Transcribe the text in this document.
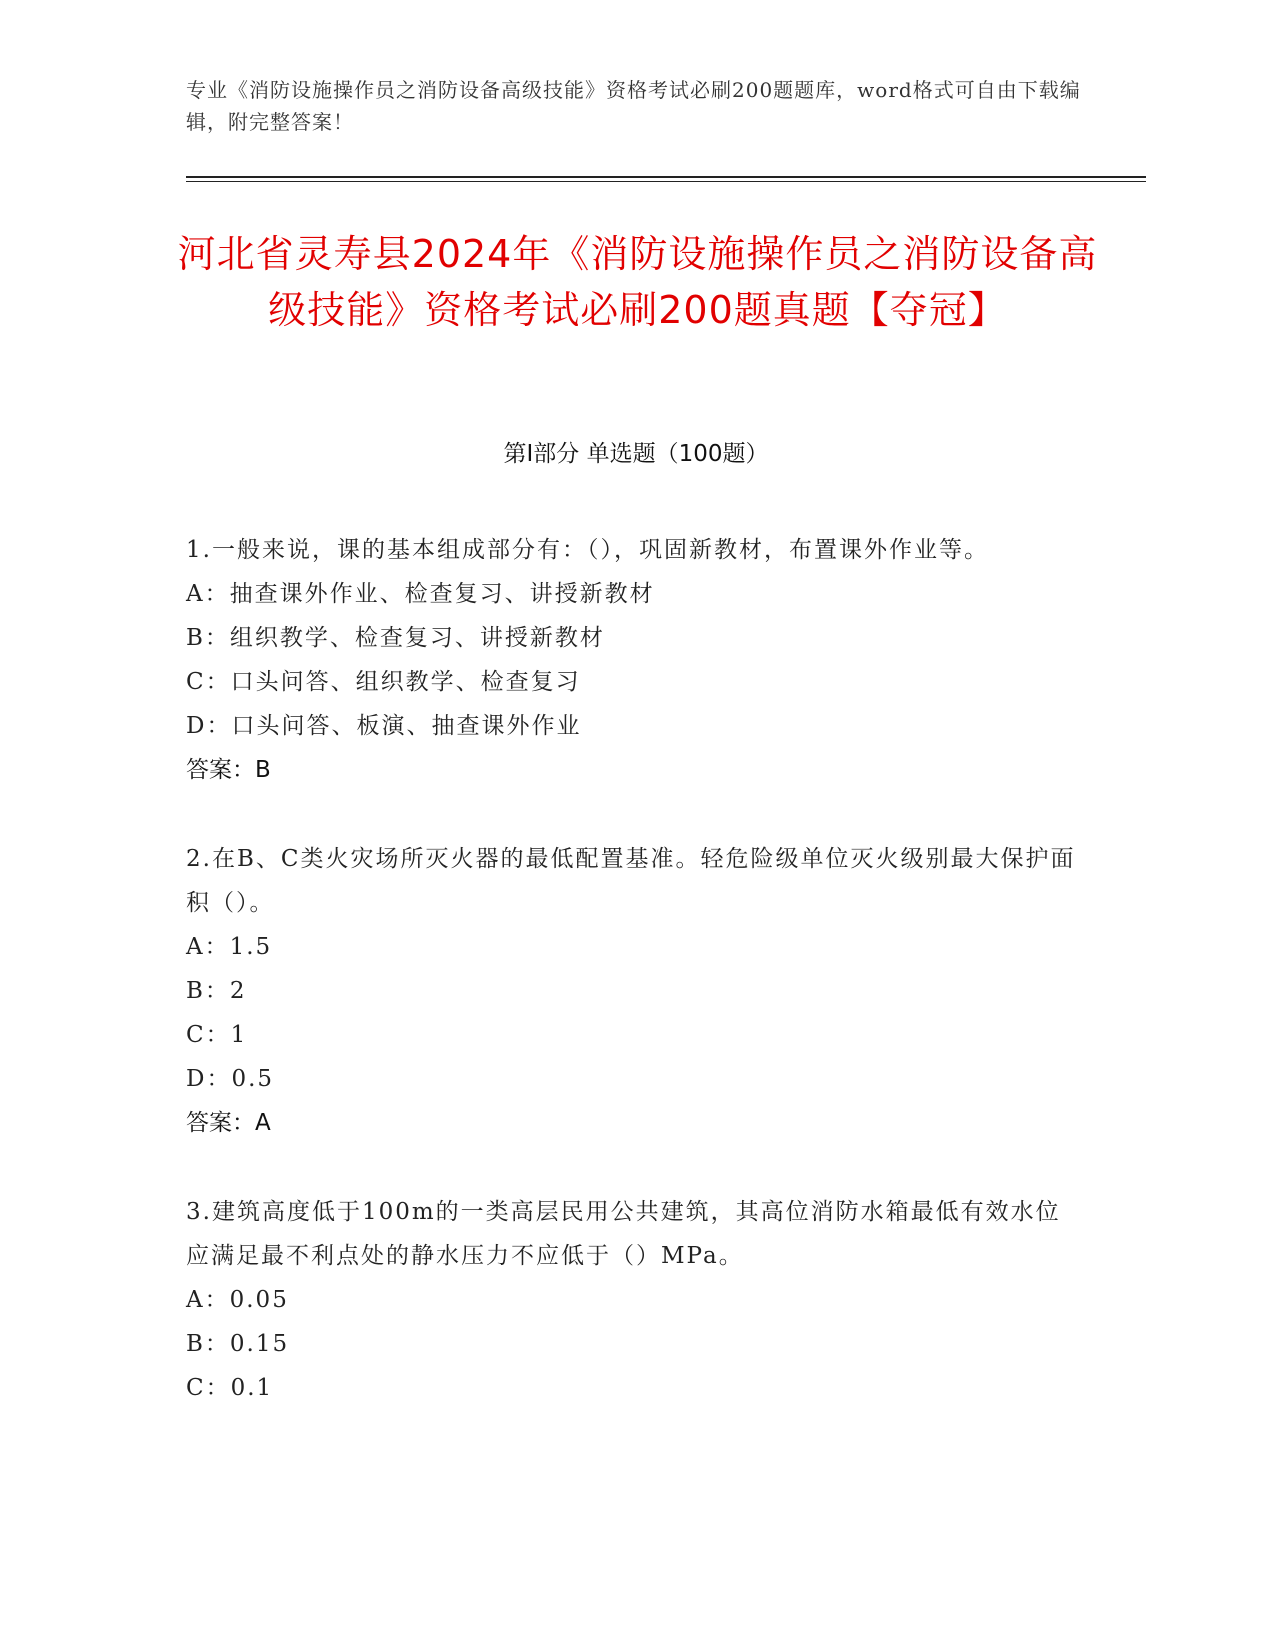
专业《消防设施操作员之消防设备高级技能》资格考试必刷200题题库，word格式可自由下载编辑，附完整答案！
河北省灵寿县2024年《消防设施操作员之消防设备高级技能》资格考试必刷200题真题【夺冠】
第I部分 单选题（100题）
1.一般来说，课的基本组成部分有：（），巩固新教材，布置课外作业等。
A：抽查课外作业、检查复习、讲授新教材
B：组织教学、检查复习、讲授新教材
C：口头问答、组织教学、检查复习
D：口头问答、板演、抽查课外作业
答案：B
2.在B、C类火灾场所灭火器的最低配置基准。轻危险级单位灭火级别最大保护面积（）。
A：1.5
B：2
C：1
D：0.5
答案：A
3.建筑高度低于100m的一类高层民用公共建筑，其高位消防水箱最低有效水位应满足最不利点处的静水压力不应低于（）MPa。
A：0.05
B：0.15
C：0.1
